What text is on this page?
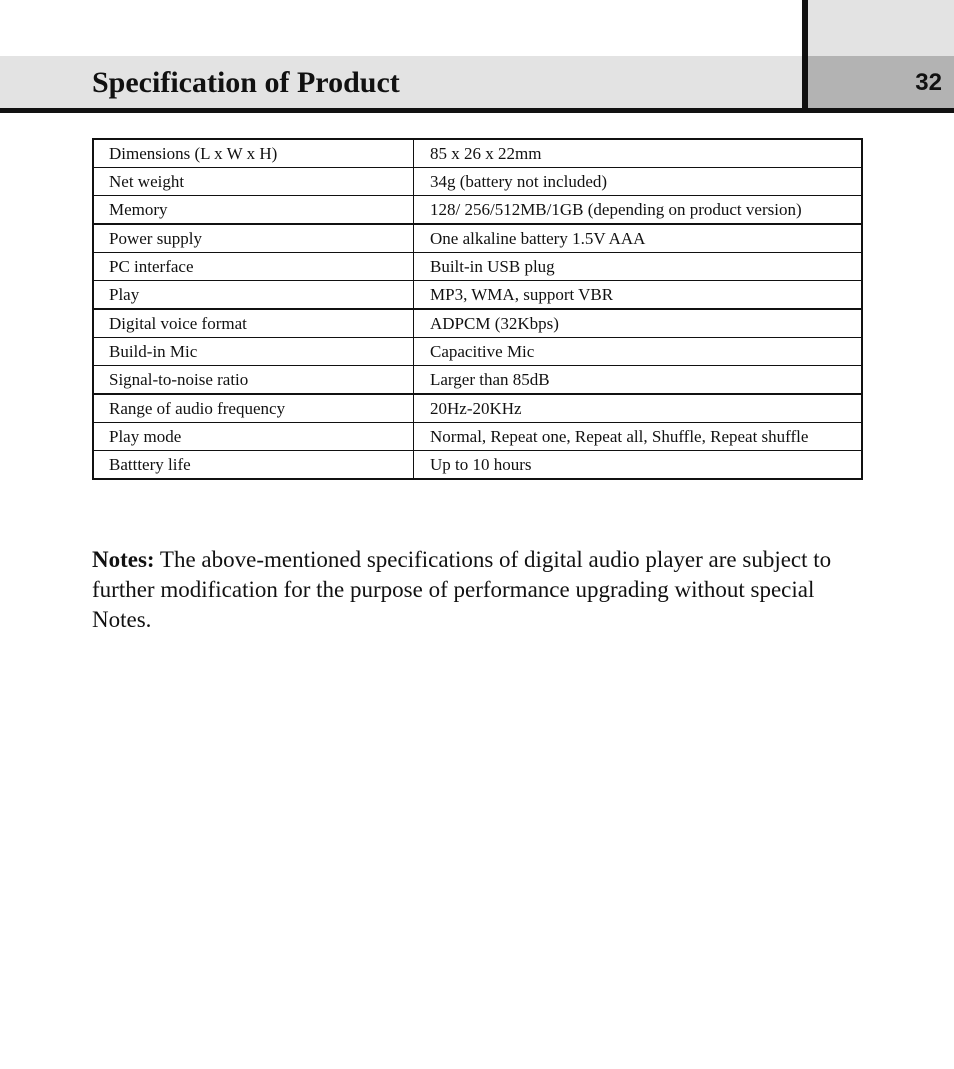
Specification of Product	32
Dimensions (L x W x H)	85 x 26 x 22mm
Net weight	34g (battery not included)
Memory	128/ 256/512MB/1GB (depending on product version)
Power supply	One alkaline battery 1.5V AAA
PC interface	Built-in USB plug
Play	MP3, WMA, support VBR
Digital voice format	ADPCM (32Kbps)
Build-in Mic	Capacitive Mic
Signal-to-noise ratio	Larger than 85dB
Range of audio frequency	20Hz-20KHz
Play mode	Normal, Repeat one, Repeat all, Shuffle, Repeat shuffle
Batttery life	Up to 10 hours

Notes: The above-mentioned specifications of digital audio player are subject to further modification for the purpose of performance upgrading without special Notes.
